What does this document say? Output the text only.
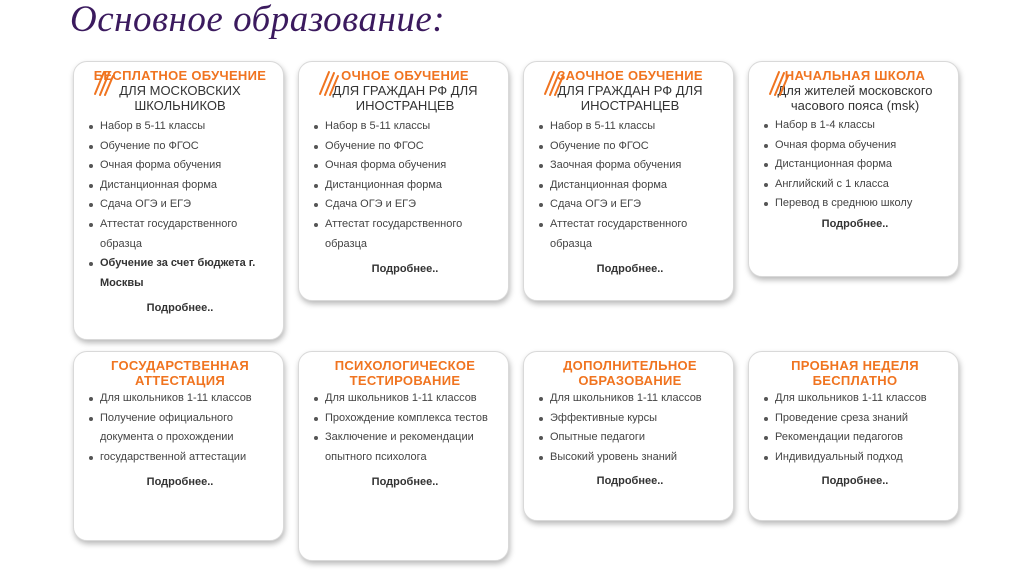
Основное образование:
БЕСПЛАТНОЕ ОБУЧЕНИЕ
ДЛЯ МОСКОВСКИХ ШКОЛЬНИКОВ
Набор в 5-11 классы
Обучение по ФГОС
Очная форма обучения
Дистанционная форма
Сдача ОГЭ и ЕГЭ
Аттестат государственного образца
Обучение за счет бюджета г. Москвы
Подробнее..
ОЧНОЕ ОБУЧЕНИЕ
ДЛЯ ГРАЖДАН РФ ДЛЯ ИНОСТРАНЦЕВ
Набор в 5-11 классы
Обучение по ФГОС
Очная форма обучения
Дистанционная форма
Сдача ОГЭ и ЕГЭ
Аттестат государственного образца
Подробнее..
ЗАОЧНОЕ ОБУЧЕНИЕ
ДЛЯ ГРАЖДАН РФ ДЛЯ ИНОСТРАНЦЕВ
Набор в 5-11 классы
Обучение по ФГОС
Заочная форма обучения
Дистанционная форма
Сдача ОГЭ и ЕГЭ
Аттестат государственного образца
Подробнее..
НАЧАЛЬНАЯ ШКОЛА
Для жителей московского часового пояса (msk)
Набор в 1-4 классы
Очная форма обучения
Дистанционная форма
Английский с 1 класса
Перевод в среднюю школу
Подробнее..
ГОСУДАРСТВЕННАЯ АТТЕСТАЦИЯ
Для школьников 1-11 классов
Получение официального документа о прохождении
государственной аттестации
Подробнее..
ПСИХОЛОГИЧЕСКОЕ ТЕСТИРОВАНИЕ
Для школьников 1-11 классов
Прохождение комплекса тестов
Заключение и рекомендации опытного психолога
Подробнее..
ДОПОЛНИТЕЛЬНОЕ ОБРАЗОВАНИЕ
Для школьников 1-11 классов
Эффективные курсы
Опытные педагоги
Высокий уровень знаний
Подробнее..
ПРОБНАЯ НЕДЕЛЯ БЕСПЛАТНО
Для школьников 1-11 классов
Проведение среза знаний
Рекомендации педагогов
Индивидуальный подход
Подробнее..
